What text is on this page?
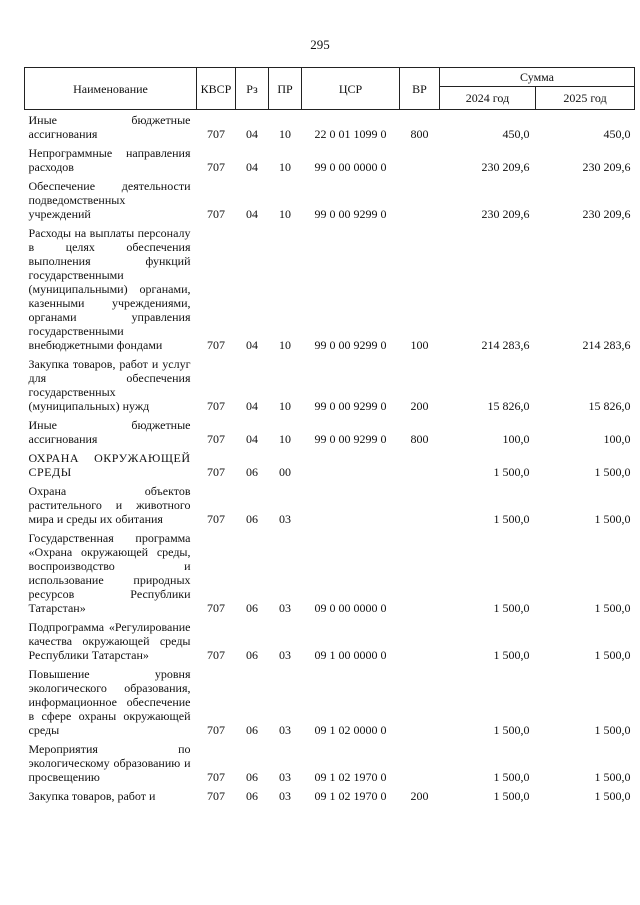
295
Наименование	КВСР	Рз	ПР	ЦСР	ВР	Сумма	
						2024 год	2025 год
Иные бюджетные ассигнования	707	04	10	22 0 01 1099 0	800	450,0	450,0
Непрограммные направления расходов	707	04	10	99 0 00 0000 0		230 209,6	230 209,6
Обеспечение деятельности подведомственных учреждений	707	04	10	99 0 00 9299 0		230 209,6	230 209,6
Расходы на выплаты персоналу в целях обеспечения выполнения функций государственными (муниципальными) органами, казенными учреждениями, органами управления государственными внебюджетными фондами	707	04	10	99 0 00 9299 0	100	214 283,6	214 283,6
Закупка товаров, работ и услуг для обеспечения государственных (муниципальных) нужд	707	04	10	99 0 00 9299 0	200	15 826,0	15 826,0
Иные бюджетные ассигнования	707	04	10	99 0 00 9299 0	800	100,0	100,0
ОХРАНА ОКРУЖАЮЩЕЙ СРЕДЫ	707	06	00			1 500,0	1 500,0
Охрана объектов растительного и животного мира и среды их обитания	707	06	03			1 500,0	1 500,0
Государственная программа «Охрана окружающей среды, воспроизводство и использование природных ресурсов Республики Татарстан»	707	06	03	09 0 00 0000 0		1 500,0	1 500,0
Подпрограмма «Регулирование качества окружающей среды Республики Татарстан»	707	06	03	09 1 00 0000 0		1 500,0	1 500,0
Повышение уровня экологического образования, информационное обеспечение в сфере охраны окружающей среды	707	06	03	09 1 02 0000 0		1 500,0	1 500,0
Мероприятия по экологическому образованию и просвещению	707	06	03	09 1 02 1970 0		1 500,0	1 500,0
Закупка товаров, работ и	707	06	03	09 1 02 1970 0	200	1 500,0	1 500,0
